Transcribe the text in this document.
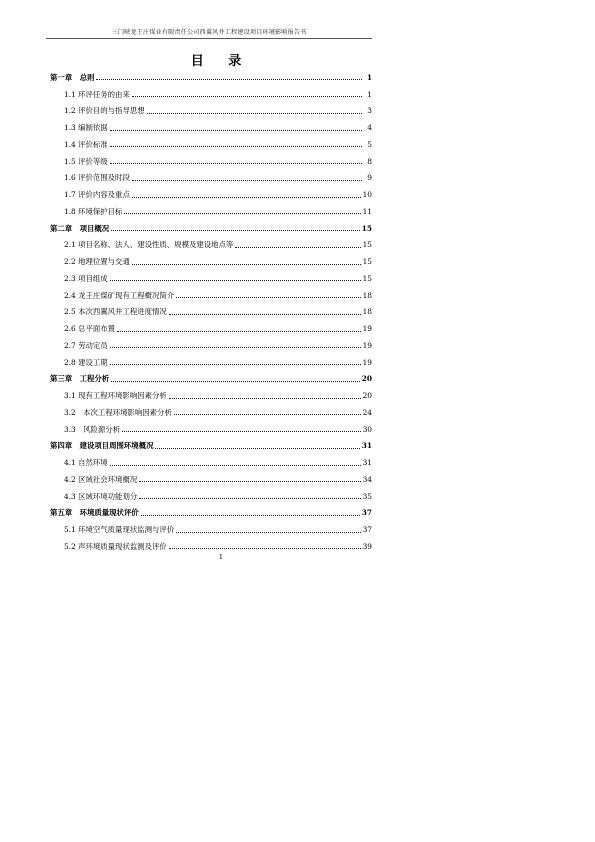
三门峡龙王庄煤业有限责任公司西翼风井工程建设项目环境影响报告书
目 录
第一章　总则	1
1.1 环评任务的由来	1
1.2 评价目的与指导思想	3
1.3 编制依据	4
1.4 评价标准	5
1.5 评价等级	8
1.6 评价范围及时段	9
1.7 评价内容及重点	10
1.8 环境保护目标	11
第二章　项目概况	15
2.1 项目名称、法人、建设性质、规模及建设地点等	15
2.2 地理位置与交通	15
2.3 项目组成	15
2.4 龙王庄煤矿现有工程概况简介	18
2.5 本次西翼风井工程进度情况	18
2.6 总平面布置	19
2.7 劳动定员	19
2.8 建设工期	19
第三章　工程分析	20
3.1 现有工程环境影响因素分析	20
3.2　本次工程环境影响因素分析	24
3.3　风险源分析	30
第四章　建设项目周围环境概况	31
4.1 自然环境	31
4.2 区域社会环境概况	34
4.3 区域环境功能划分	35
第五章　环境质量现状评价	37
5.1 环境空气质量现状监测与评价	37
5.2 声环境质量现状监测及评价	39
1
